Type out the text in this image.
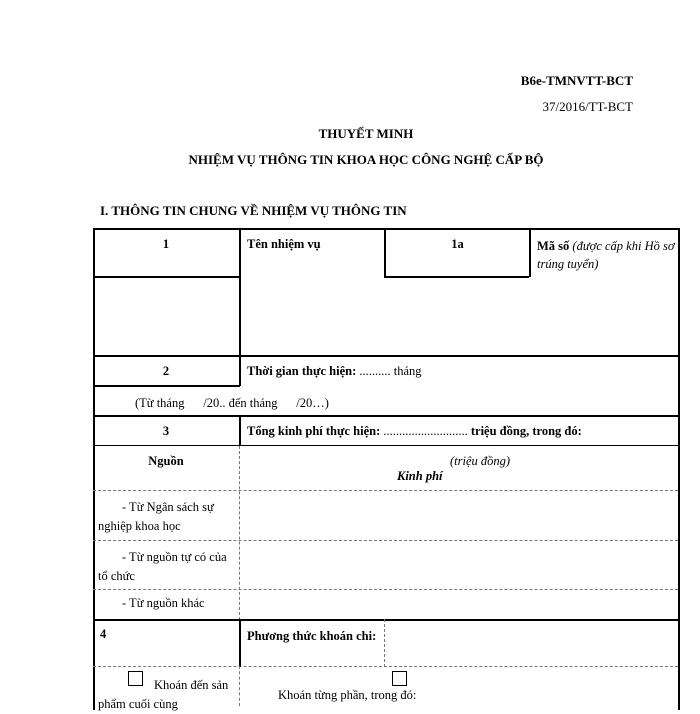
B6e-TMNVTT-BCT
37/2016/TT-BCT
THUYẾT MINH
NHIỆM VỤ THÔNG TIN KHOA HỌC CÔNG NGHỆ CẤP BỘ
I. THÔNG TIN CHUNG VỀ NHIỆM VỤ THÔNG TIN
1	Tên nhiệm vụ	1a	Mã số (được cấp khi Hồ sơ trúng tuyển)
2	Thời gian thực hiện: .......... tháng
(Từ tháng      /20.. đến tháng      /20…)
3	Tổng kinh phí thực hiện: ........................... triệu đồng, trong đó:
Nguồn	(triệu đồng)
Kinh phí
- Từ Ngân sách sự nghiệp khoa học
- Từ nguồn tự có của tổ chức
- Từ nguồn khác
4	Phương thức khoán chi:
Khoán đến sản phẩm cuối cùng
Khoán từng phần, trong đó:
